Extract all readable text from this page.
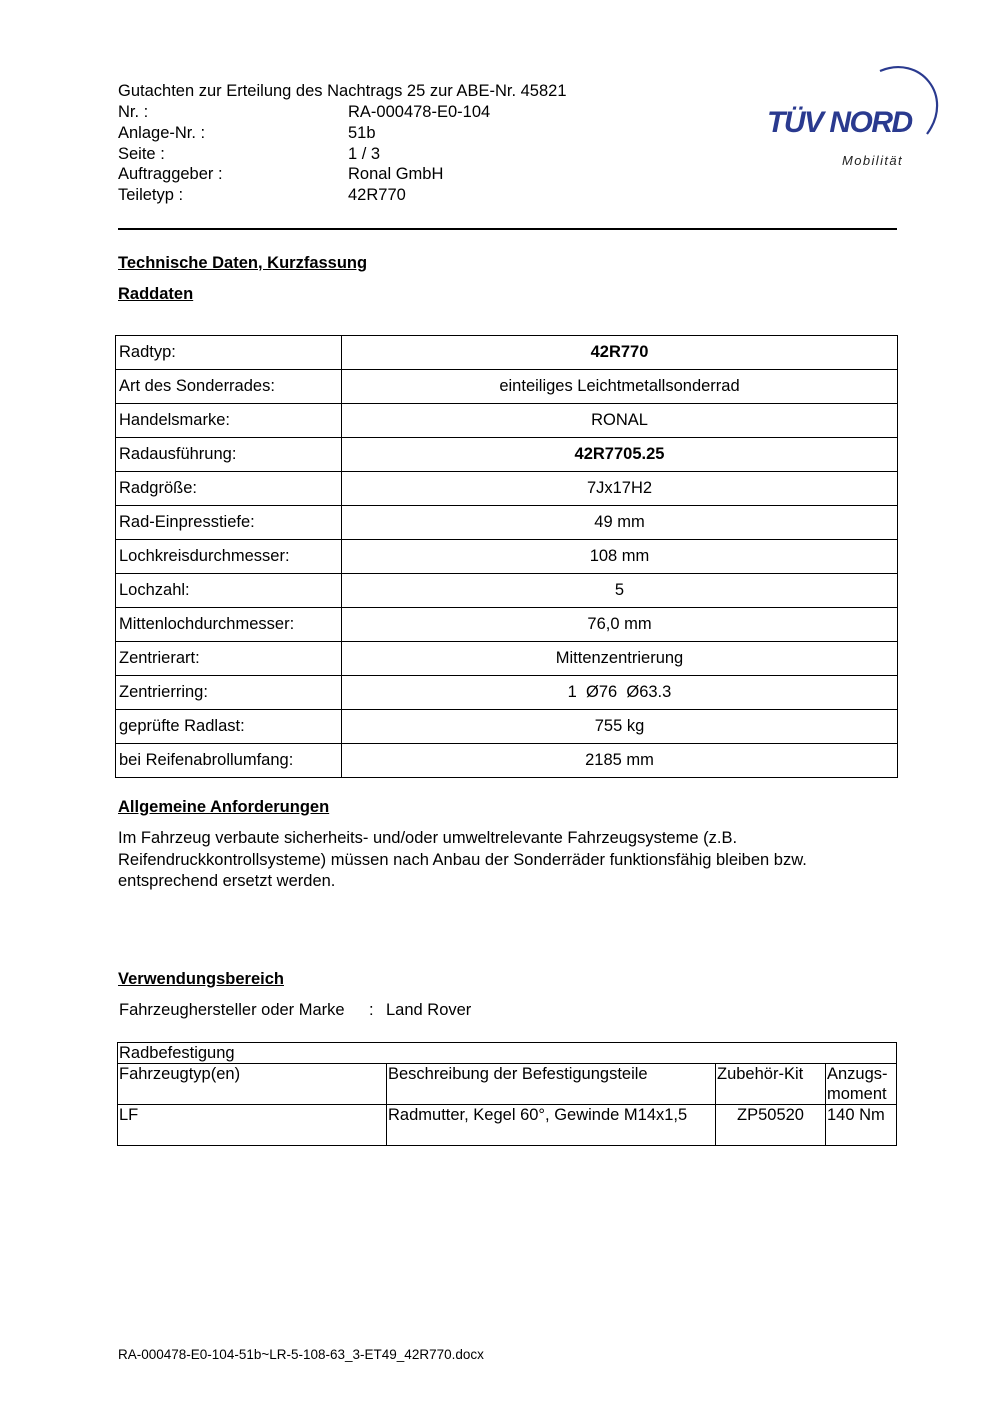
Gutachten zur Erteilung des Nachtrags 25 zur ABE-Nr. 45821
Nr. :	RA-000478-E0-104
Anlage-Nr. :	51b
Seite :	1 / 3
Auftraggeber :	Ronal GmbH
Teiletyp :	42R770
TÜV NORD
Mobilität
Technische Daten, Kurzfassung
Raddaten
Radtyp:	42R770
Art des Sonderrades:	einteiliges Leichtmetallsonderrad
Handelsmarke:	RONAL
Radausführung:	42R7705.25
Radgröße:	7Jx17H2
Rad-Einpresstiefe:	49 mm
Lochkreisdurchmesser:	108 mm
Lochzahl:	5
Mittenlochdurchmesser:	76,0 mm
Zentrierart:	Mittenzentrierung
Zentrierring:	1  Ø76  Ø63.3
geprüfte Radlast:	755 kg
bei Reifenabrollumfang:	2185 mm
Allgemeine Anforderungen
Im Fahrzeug verbaute sicherheits- und/oder umweltrelevante Fahrzeugsysteme (z.B. Reifendruckkontrollsysteme) müssen nach Anbau der Sonderräder funktionsfähig bleiben bzw. entsprechend ersetzt werden.
Verwendungsbereich
Fahrzeughersteller oder Marke : Land Rover
Radbefestigung			
Fahrzeugtyp(en)	Beschreibung der Befestigungsteile	Zubehör-Kit	Anzugs-moment
LF	Radmutter, Kegel 60°, Gewinde M14x1,5	ZP50520	140 Nm
RA-000478-E0-104-51b~LR-5-108-63_3-ET49_42R770.docx
